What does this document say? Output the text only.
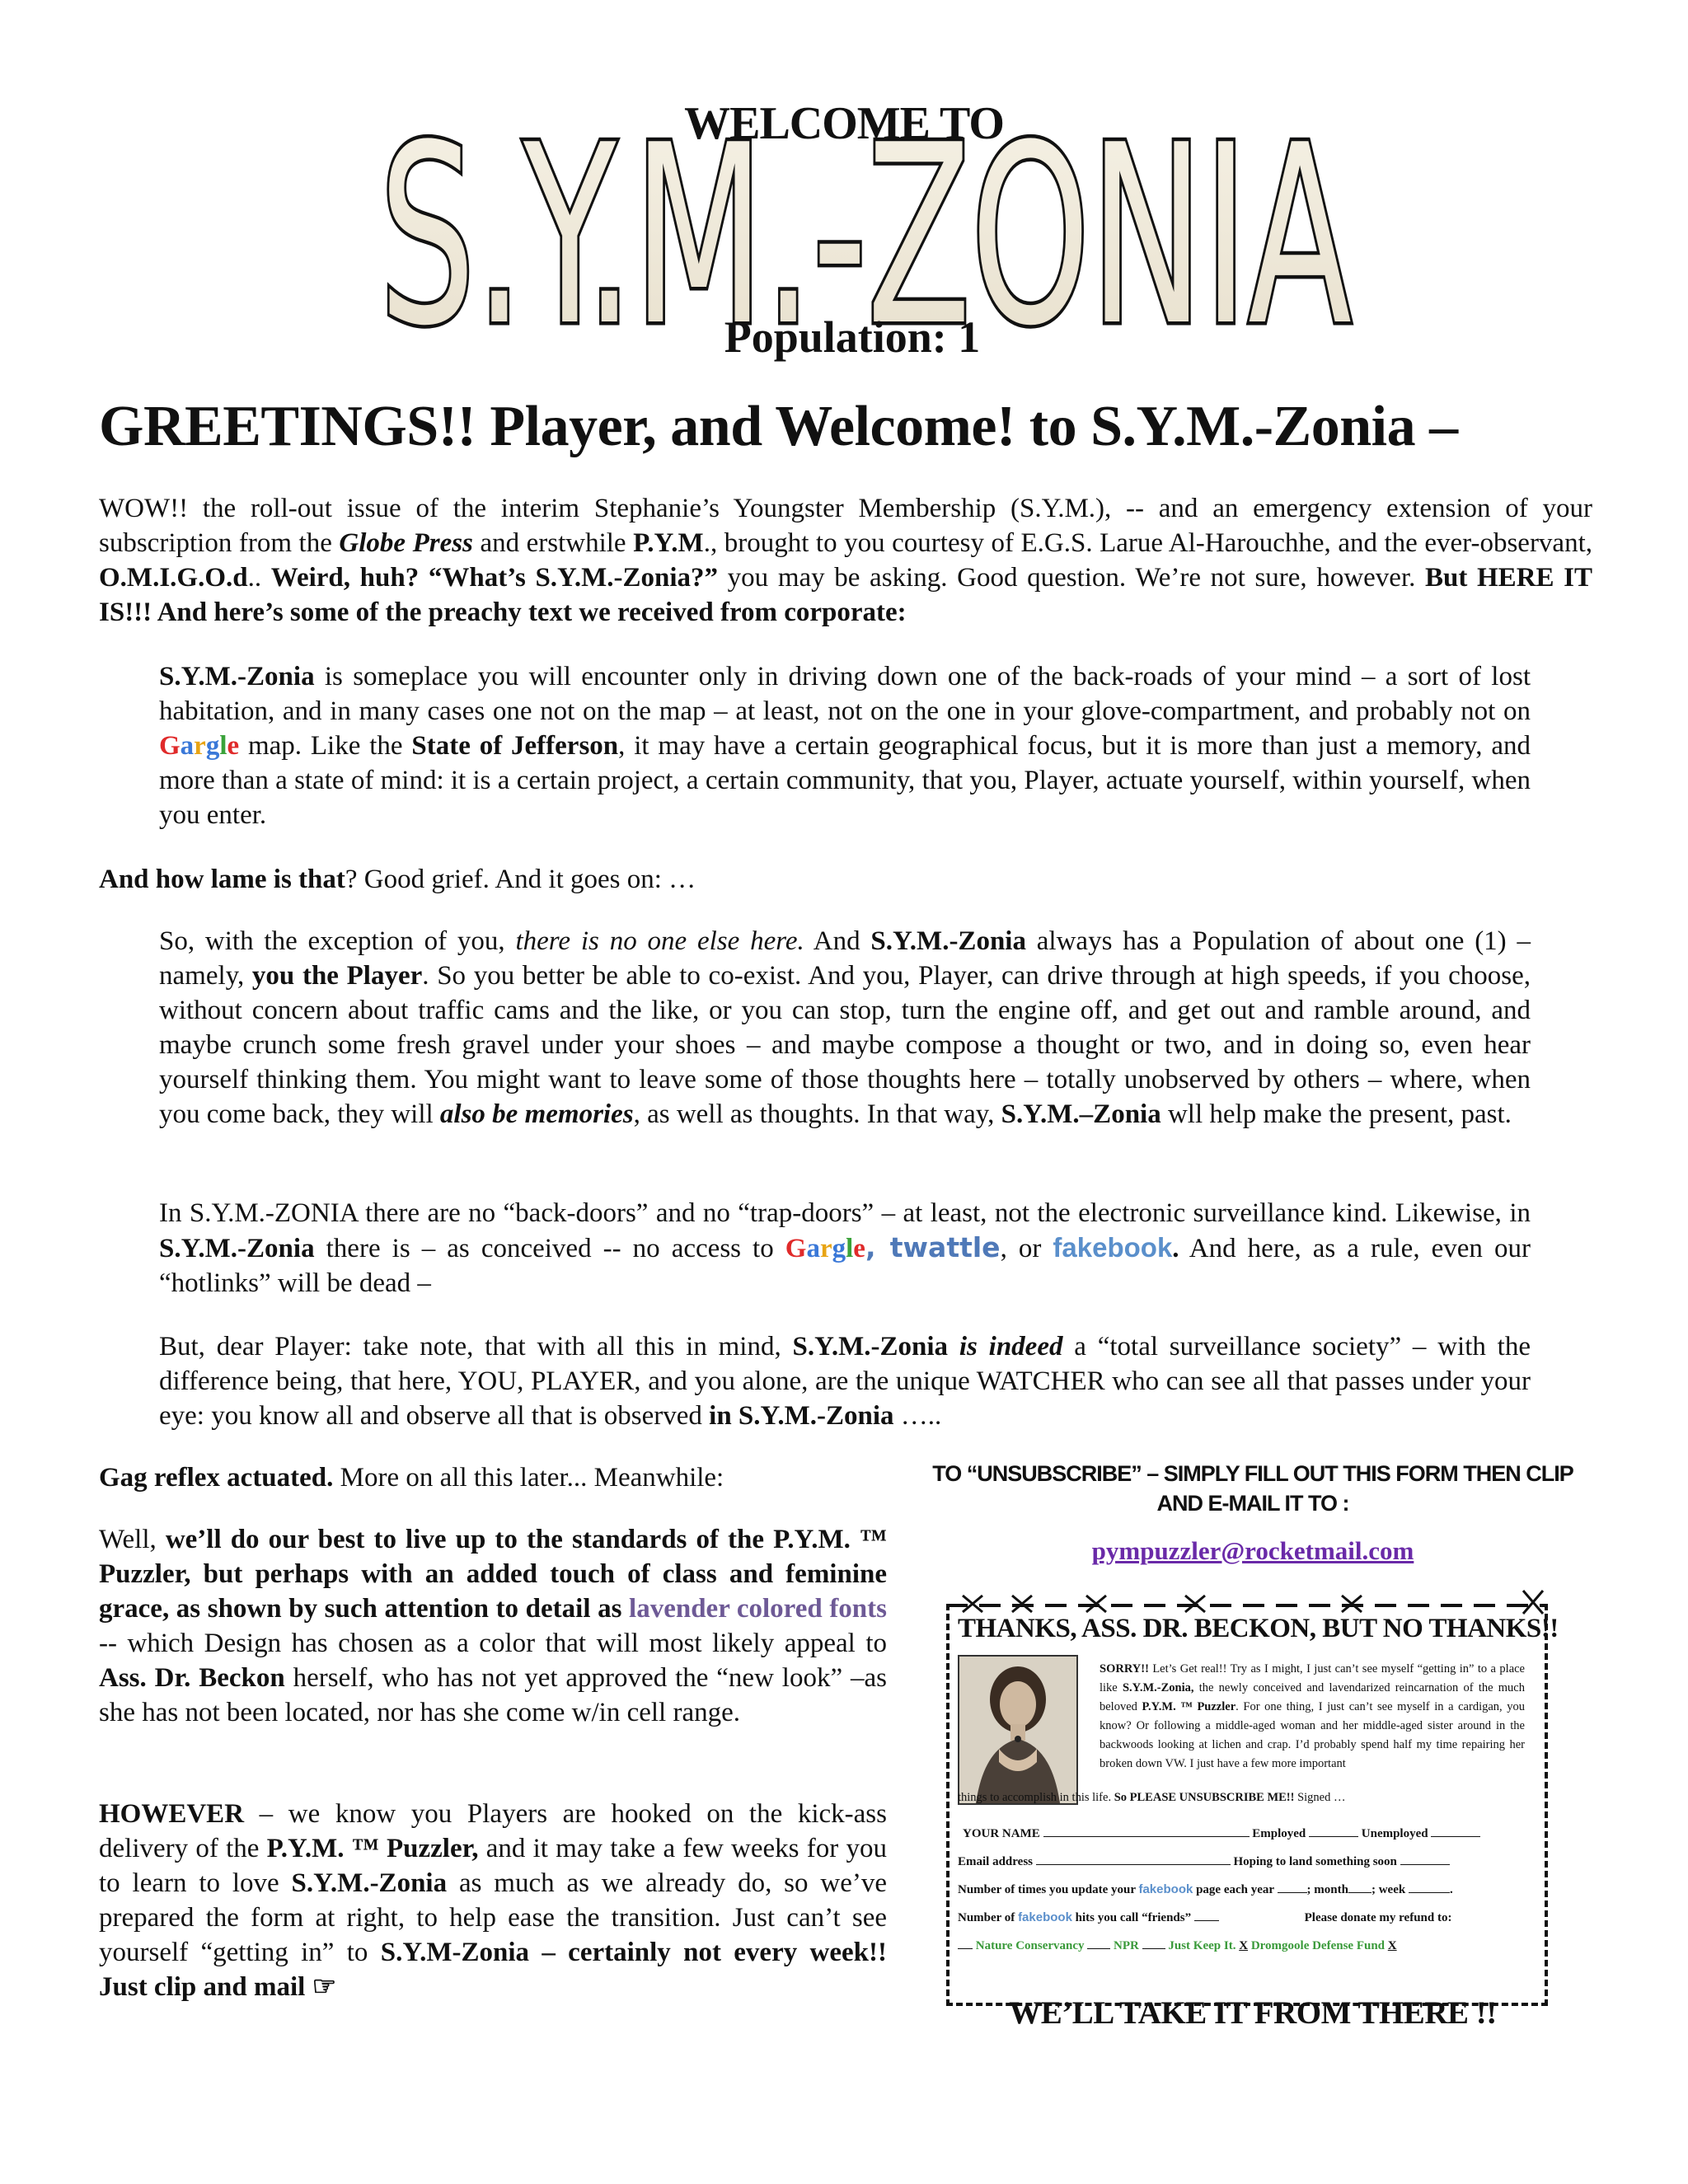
WELCOME TO
S.Y.M.-ZONIA
Population: 1
GREETINGS!! Player, and Welcome! to S.Y.M.-Zonia –
WOW!! the roll-out issue of the interim Stephanie’s Youngster Membership (S.Y.M.), -- and an emergency extension of your subscription from the Globe Press and erstwhile P.Y.M., brought to you courtesy of E.G.S. Larue Al-Harouchhe, and the ever-observant, O.M.I.G.O.d.. Weird, huh? “What’s S.Y.M.-Zonia?” you may be asking. Good question. We’re not sure, however. But HERE IT IS!!! And here’s some of the preachy text we received from corporate:
S.Y.M.-Zonia is someplace you will encounter only in driving down one of the back-roads of your mind – a sort of lost habitation, and in many cases one not on the map – at least, not on the one in your glove-compartment, and probably not on Gargle map. Like the State of Jefferson, it may have a certain geographical focus, but it is more than just a memory, and more than a state of mind: it is a certain project, a certain community, that you, Player, actuate yourself, within yourself, when you enter.
And how lame is that? Good grief. And it goes on: …
So, with the exception of you, there is no one else here. And S.Y.M.-Zonia always has a Population of about one (1) – namely, you the Player. So you better be able to co-exist. And you, Player, can drive through at high speeds, if you choose, without concern about traffic cams and the like, or you can stop, turn the engine off, and get out and ramble around, and maybe crunch some fresh gravel under your shoes – and maybe compose a thought or two, and in doing so, even hear yourself thinking them. You might want to leave some of those thoughts here – totally unobserved by others – where, when you come back, they will also be memories, as well as thoughts. In that way, S.Y.M.–Zonia wll help make the present, past.
In S.Y.M.-ZONIA there are no “back-doors” and no “trap-doors” – at least, not the electronic surveillance kind. Likewise, in S.Y.M.-Zonia there is – as conceived -- no access to Gargle, twattle, or fakebook. And here, as a rule, even our “hotlinks” will be dead –
But, dear Player: take note, that with all this in mind, S.Y.M.-Zonia is indeed a “total surveillance society” – with the difference being, that here, YOU, PLAYER, and you alone, are the unique WATCHER who can see all that passes under your eye: you know all and observe all that is observed in S.Y.M.-Zonia …..
Gag reflex actuated. More on all this later... Meanwhile:
Well, we’ll do our best to live up to the standards of the P.Y.M. ™ Puzzler, but perhaps with an added touch of class and feminine grace, as shown by such attention to detail as lavender colored fonts -- which Design has chosen as a color that will most likely appeal to Ass. Dr. Beckon herself, who has not yet approved the “new look” –as she has not been located, nor has she come w/in cell range.
HOWEVER – we know you Players are hooked on the kick-ass delivery of the P.Y.M. ™ Puzzler, and it may take a few weeks for you to learn to love S.Y.M.-Zonia as much as we already do, so we’ve prepared the form at right, to help ease the transition. Just can’t see yourself “getting in” to S.Y.M-Zonia – certainly not every week!! Just clip and mail ☞
TO “UNSUBSCRIBE” – SIMPLY FILL OUT THIS FORM THEN CLIP AND E-MAIL IT TO :
pympuzzler@rocketmail.com
THANKS, ASS. DR. BECKON, BUT NO THANKS!!
SORRY!! Let’s Get real!! Try as I might, I just can’t see myself “getting in” to a place like S.Y.M.-Zonia, the newly conceived and lavendarized reincarnation of the much beloved P.Y.M. ™ Puzzler. For one thing, I just can’t see myself in a cardigan, you know? Or following a middle-aged woman and her middle-aged sister around in the backwoods looking at lichen and crap. I’d probably spend half my time repairing her broken down VW. I just have a few more important
things to accomplish in this life. So PLEASE UNSUBSCRIBE ME!! Signed …
YOUR NAME	Employed	Unemployed
Email address	Hoping to land something soon
Number of times you update your fakebook page each year	; month ; week	.
Number of fakebook hits you call “friends”	Please donate my refund to:
Nature Conservancy NPR Just Keep It. X Dromgoole Defense Fund X
WE’LL TAKE IT FROM THERE !!
